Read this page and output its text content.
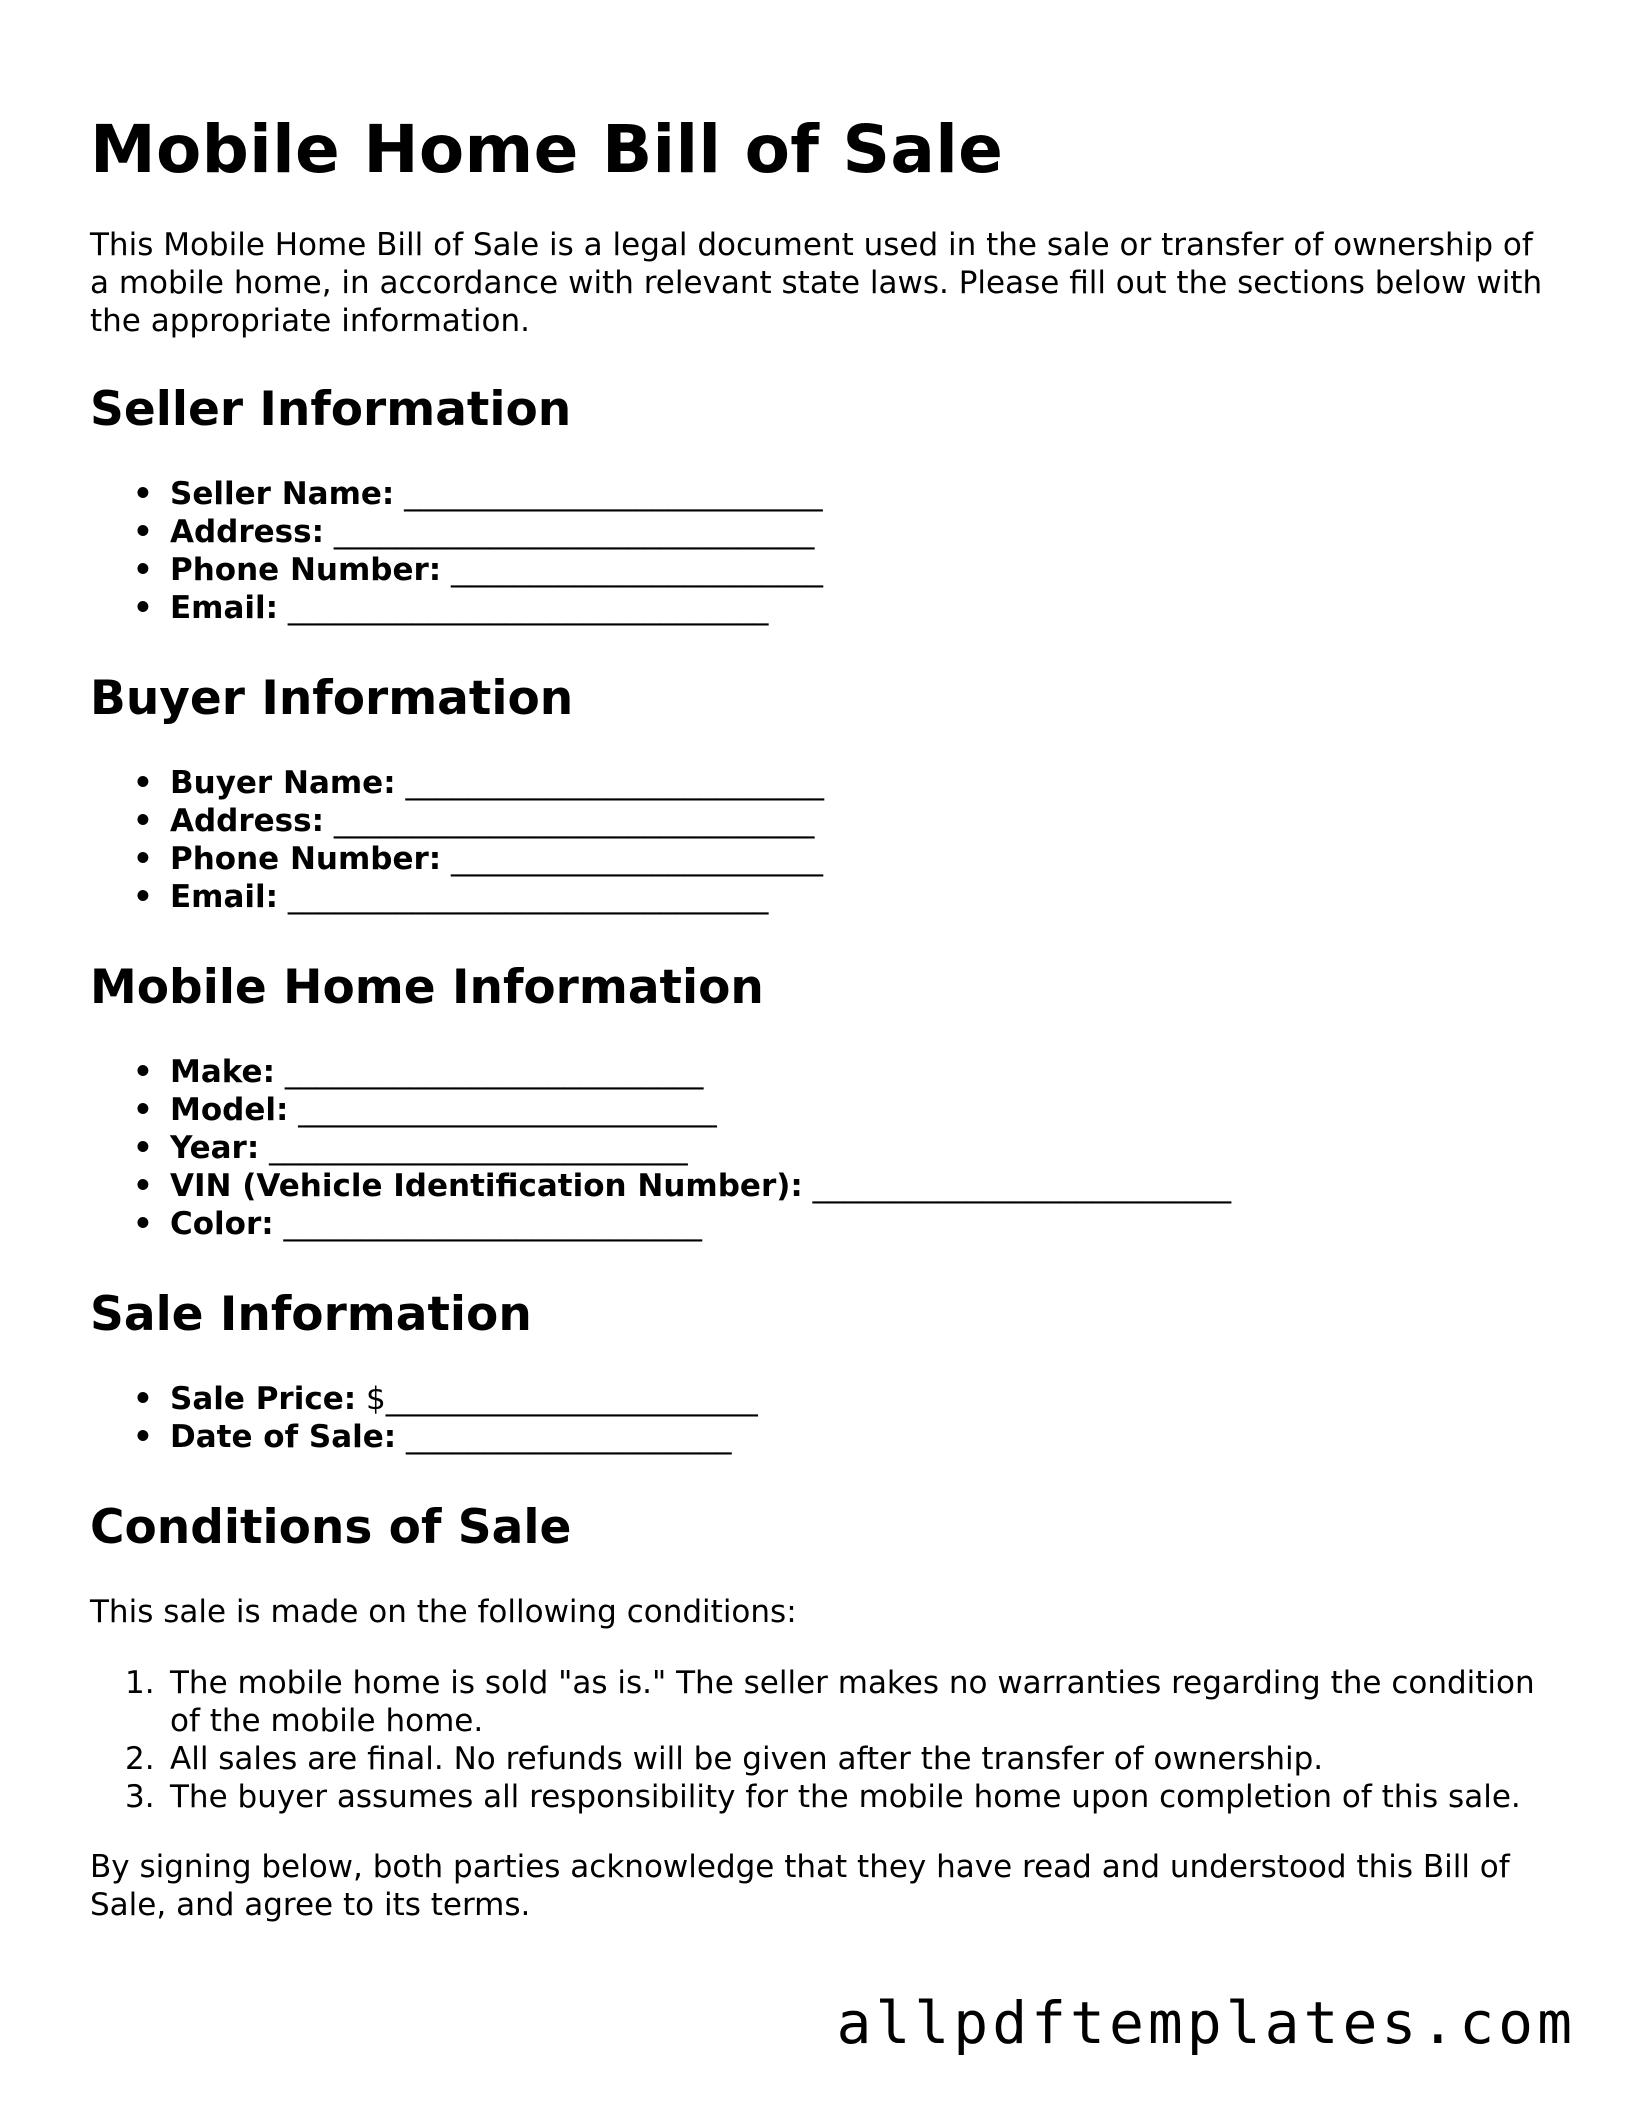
Mobile Home Bill of Sale

This Mobile Home Bill of Sale is a legal document used in the sale or transfer of ownership of a mobile home, in accordance with relevant state laws. Please fill out the sections below with the appropriate information.

Seller Information
• Seller Name: ___________________________
• Address: _______________________________
• Phone Number: ________________________
• Email: _______________________________
Buyer Information
• Buyer Name: ___________________________
• Address: _______________________________
• Phone Number: ________________________
• Email: _______________________________
Mobile Home Information
• Make: ___________________________
• Model: ___________________________
• Year: ___________________________
• VIN (Vehicle Identification Number): ___________________________
• Color: ___________________________
Sale Information
• Sale Price: $________________________
• Date of Sale: _____________________
Conditions of Sale

This sale is made on the following conditions:

1. The mobile home is sold "as is." The seller makes no warranties regarding the condition of the mobile home.
2. All sales are final. No refunds will be given after the transfer of ownership.
3. The buyer assumes all responsibility for the mobile home upon completion of this sale.

By signing below, both parties acknowledge that they have read and understood this Bill of Sale, and agree to its terms.

allpdftemplates.com
